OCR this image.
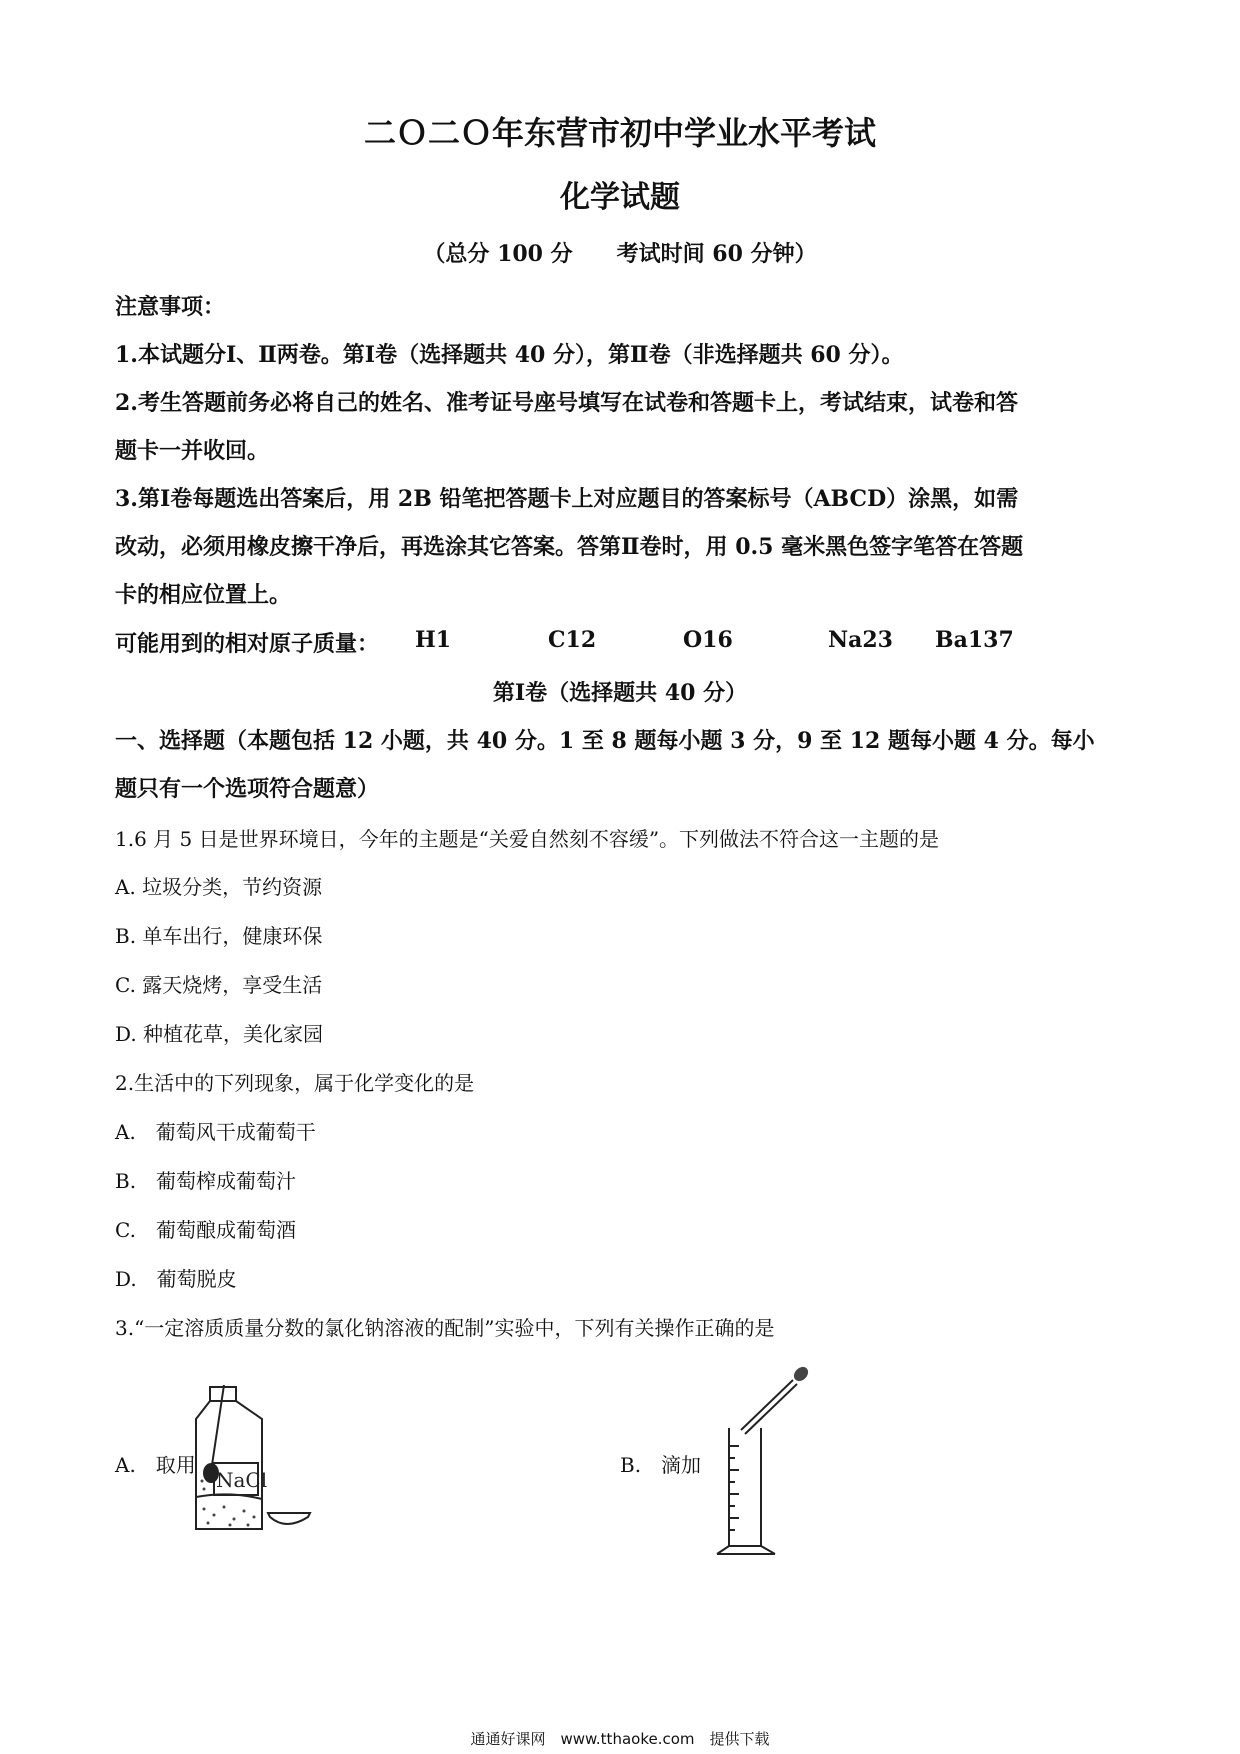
二Ｏ二Ｏ年东营市初中学业水平考试
化学试题
（总分 100 分　　考试时间 60 分钟）
注意事项：
1.本试题分Ⅰ、Ⅱ两卷。第Ⅰ卷（选择题共 40 分），第Ⅱ卷（非选择题共 60 分）。
2.考生答题前务必将自己的姓名、准考证号座号填写在试卷和答题卡上，考试结束，试卷和答
题卡一并收回。
3.第Ⅰ卷每题选出答案后，用 2B 铅笔把答题卡上对应题目的答案标号（ABCD）涂黑，如需
改动，必须用橡皮擦干净后，再选涂其它答案。答第Ⅱ卷时，用 0.5 毫米黑色签字笔答在答题
卡的相应位置上。
可能用到的相对原子质量： H1	C12	O16	Na23 Ba137
第Ⅰ卷（选择题共 40 分）
一、选择题（本题包括 12 小题，共 40 分。1 至 8 题每小题 3 分，9 至 12 题每小题 4 分。每小
题只有一个选项符合题意）
1.6 月 5 日是世界环境日，今年的主题是“关爱自然刻不容缓”。下列做法不符合这一主题的是
A. 垃圾分类，节约资源
B. 单车出行，健康环保
C. 露天烧烤，享受生活
D. 种植花草，美化家园
2.生活中的下列现象，属于化学变化的是
A.　葡萄风干成葡萄干
B.　葡萄榨成葡萄汁
C.　葡萄酿成葡萄酒
D.　葡萄脱皮
3.“一定溶质质量分数的氯化钠溶液的配制”实验中，下列有关操作正确的是
A.　取用	B.　滴加
NaCl
通通好课网　www.tthaoke.com　提供下载
